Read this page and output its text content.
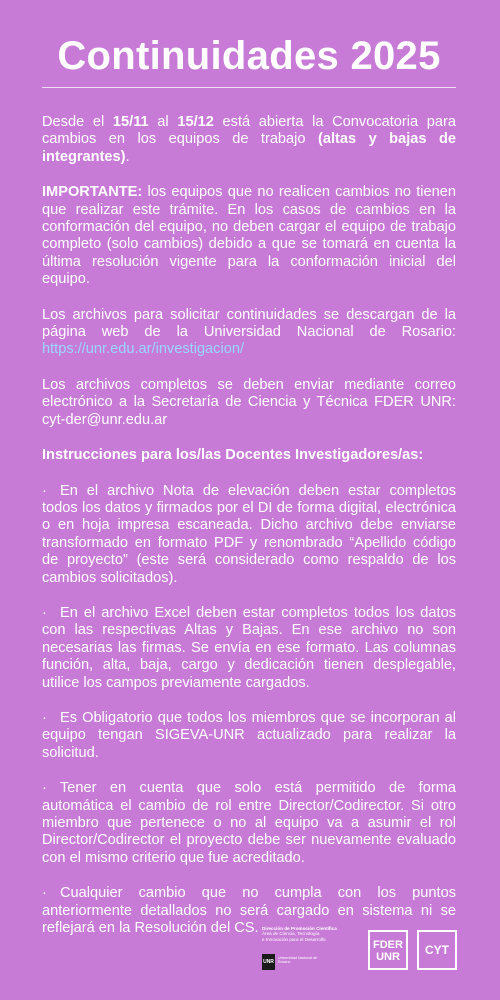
Continuidades 2025

Desde el 15/11 al 15/12 está abierta la Convocatoria para cambios en los equipos de trabajo (altas y bajas de integrantes).

IMPORTANTE: los equipos que no realicen cambios no tienen que realizar este trámite. En los casos de cambios en la conformación del equipo, no deben cargar el equipo de trabajo completo (solo cambios) debido a que se tomará en cuenta la última resolución vigente para la conformación inicial del equipo.

Los archivos para solicitar continuidades se descargan de la página web de la Universidad Nacional de Rosario: https://unr.edu.ar/investigacion/

Los archivos completos se deben enviar mediante correo electrónico a la Secretaría de Ciencia y Técnica FDER UNR: cyt-der@unr.edu.ar

Instrucciones para los/las Docentes Investigadores/as:

· En el archivo Nota de elevación deben estar completos todos los datos y firmados por el DI de forma digital, electrónica o en hoja impresa escaneada. Dicho archivo debe enviarse transformado en formato PDF y renombrado “Apellido código de proyecto” (este será considerado como respaldo de los cambios solicitados).

· En el archivo Excel deben estar completos todos los datos con las respectivas Altas y Bajas. En ese archivo no son necesarias las firmas. Se envía en ese formato. Las columnas función, alta, baja, cargo y dedicación tienen desplegable, utilice los campos previamente cargados.

· Es Obligatorio que todos los miembros que se incorporan al equipo tengan SIGEVA-UNR actualizado para realizar la solicitud.

· Tener en cuenta que solo está permitido de forma automática el cambio de rol entre Director/Codirector. Si otro miembro que pertenece o no al equipo va a asumir el rol Director/Codirector el proyecto debe ser nuevamente evaluado con el mismo criterio que fue acreditado.

· Cualquier cambio que no cumpla con los puntos anteriormente detallados no será cargado en sistema ni se reflejará en la Resolución del CS. Dirección de Promoción Científica
Área de Ciencia, Tecnología
e Innovación para el Desarrollo
UNR
Universidad Nacional de Rosario
FDER
UNR	CYT
